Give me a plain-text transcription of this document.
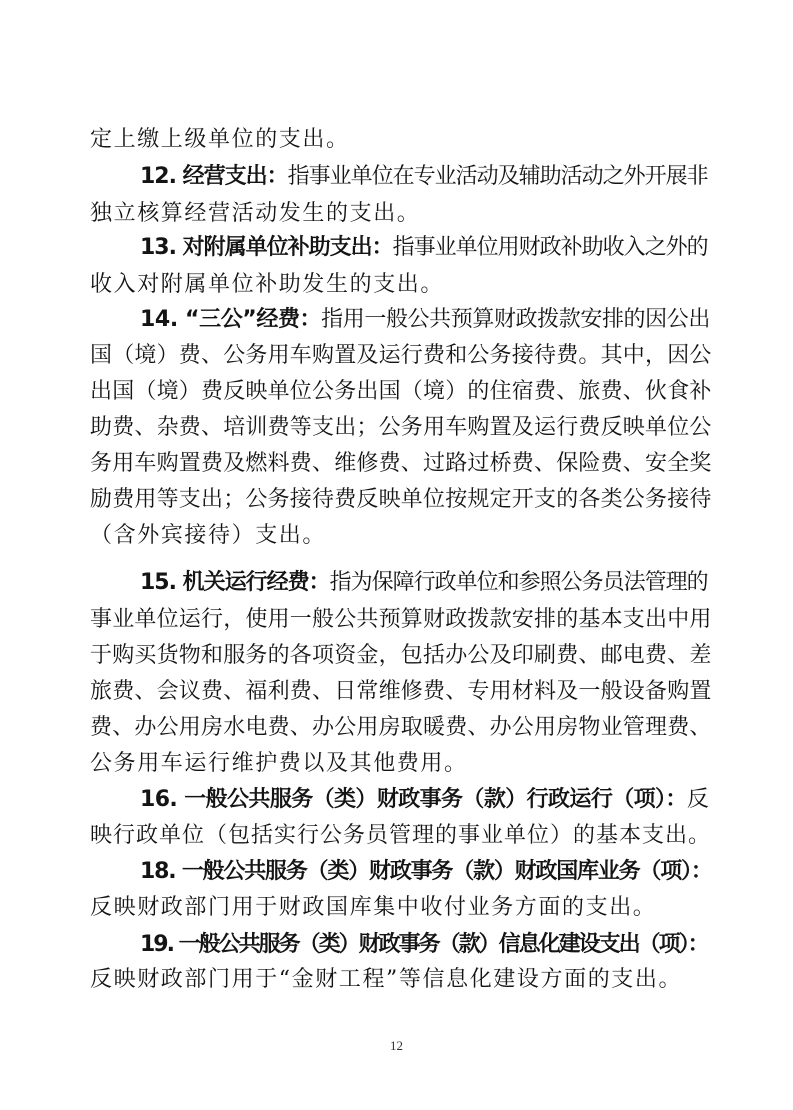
定上缴上级单位的支出。
12. 经营支出：指事业单位在专业活动及辅助活动之外开展非
独立核算经营活动发生的支出。
13. 对附属单位补助支出：指事业单位用财政补助收入之外的
收入对附属单位补助发生的支出。
14. “三公”经费：指用一般公共预算财政拨款安排的因公出
国（境）费、公务用车购置及运行费和公务接待费。其中，因公
出国（境）费反映单位公务出国（境）的住宿费、旅费、伙食补
助费、杂费、培训费等支出；公务用车购置及运行费反映单位公
务用车购置费及燃料费、维修费、过路过桥费、保险费、安全奖
励费用等支出；公务接待费反映单位按规定开支的各类公务接待
（含外宾接待）支出。
15. 机关运行经费：指为保障行政单位和参照公务员法管理的
事业单位运行，使用一般公共预算财政拨款安排的基本支出中用
于购买货物和服务的各项资金，包括办公及印刷费、邮电费、差
旅费、会议费、福利费、日常维修费、专用材料及一般设备购置
费、办公用房水电费、办公用房取暖费、办公用房物业管理费、
公务用车运行维护费以及其他费用。
16. 一般公共服务（类）财政事务（款）行政运行（项）：反
映行政单位（包括实行公务员管理的事业单位）的基本支出。
18. 一般公共服务（类）财政事务（款）财政国库业务（项）：
反映财政部门用于财政国库集中收付业务方面的支出。
19. 一般公共服务（类）财政事务（款）信息化建设支出（项）：
反映财政部门用于“金财工程”等信息化建设方面的支出。
12
